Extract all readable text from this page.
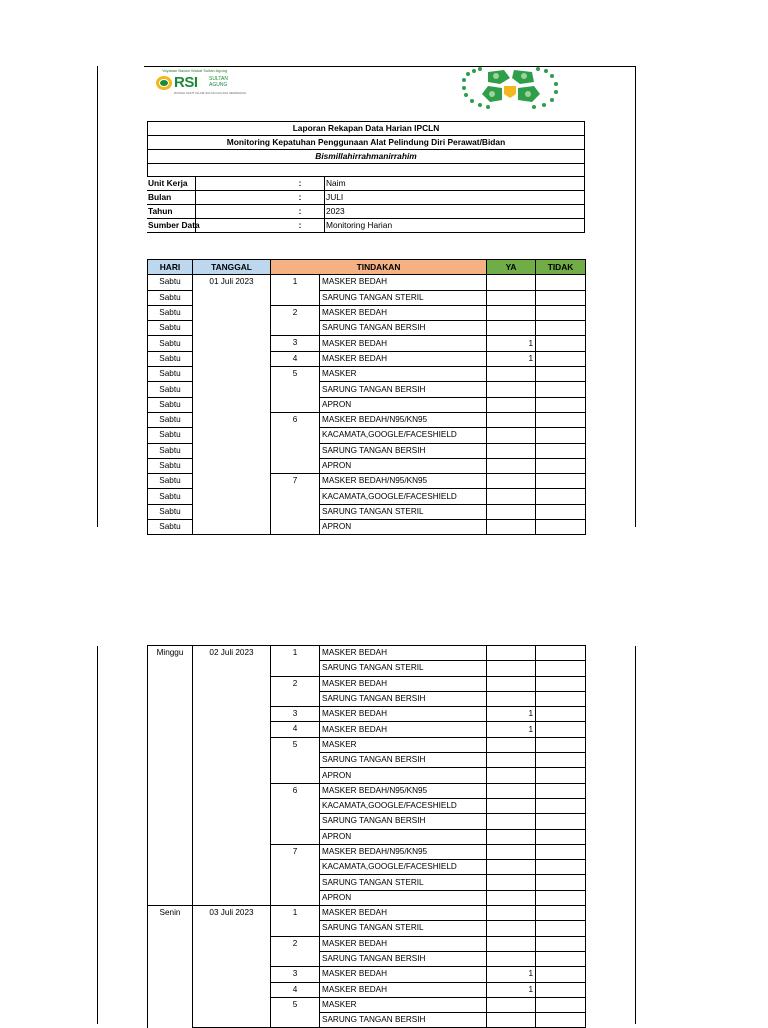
Yayasan Badan Wakaf Sultan Agung
RSI SULTAN
AGUNG
RUMAH SAKIT ISLAM SULTAN AGUNG SEMARANG
Laporan Rekapan Data Harian IPCLN
Monitoring Kepatuhan Penggunaan Alat Pelindung Diri Perawat/Bidan
Bismillahirrahmanirrahim

Unit Kerja		:	Naim
Bulan		:	JULI
Tahun		:	2023
Sumber Data		:	Monitoring Harian
HARI	TANGGAL	TINDAKAN		YA	TIDAK
Sabtu	01 Juli 2023	1	MASKER BEDAH		
Sabtu			SARUNG TANGAN STERIL		
Sabtu		2	MASKER BEDAH		
Sabtu			SARUNG TANGAN BERSIH		
Sabtu		3	MASKER BEDAH	1	
Sabtu		4	MASKER BEDAH	1	
Sabtu		5	MASKER		
Sabtu			SARUNG TANGAN BERSIH		
Sabtu			APRON		
Sabtu		6	MASKER BEDAH/N95/KN95		
Sabtu			KACAMATA,GOOGLE/FACESHIELD		
Sabtu			SARUNG TANGAN BERSIH		
Sabtu			APRON		
Sabtu		7	MASKER BEDAH/N95/KN95		
Sabtu			KACAMATA,GOOGLE/FACESHIELD		
Sabtu			SARUNG TANGAN STERIL		
Sabtu			APRON		
Minggu	02 Juli 2023	1	MASKER BEDAH		
			SARUNG TANGAN STERIL		
		2	MASKER BEDAH		
			SARUNG TANGAN BERSIH		
		3	MASKER BEDAH	1	
		4	MASKER BEDAH	1	
		5	MASKER		
			SARUNG TANGAN BERSIH		
			APRON		
		6	MASKER BEDAH/N95/KN95		
			KACAMATA,GOOGLE/FACESHIELD		
			SARUNG TANGAN BERSIH		
			APRON		
		7	MASKER BEDAH/N95/KN95		
			KACAMATA,GOOGLE/FACESHIELD		
			SARUNG TANGAN STERIL		
			APRON		
Senin	03 Juli 2023	1	MASKER BEDAH		
			SARUNG TANGAN STERIL		
		2	MASKER BEDAH		
			SARUNG TANGAN BERSIH		
		3	MASKER BEDAH	1	
		4	MASKER BEDAH	1	
		5	MASKER		
			SARUNG TANGAN BERSIH		
